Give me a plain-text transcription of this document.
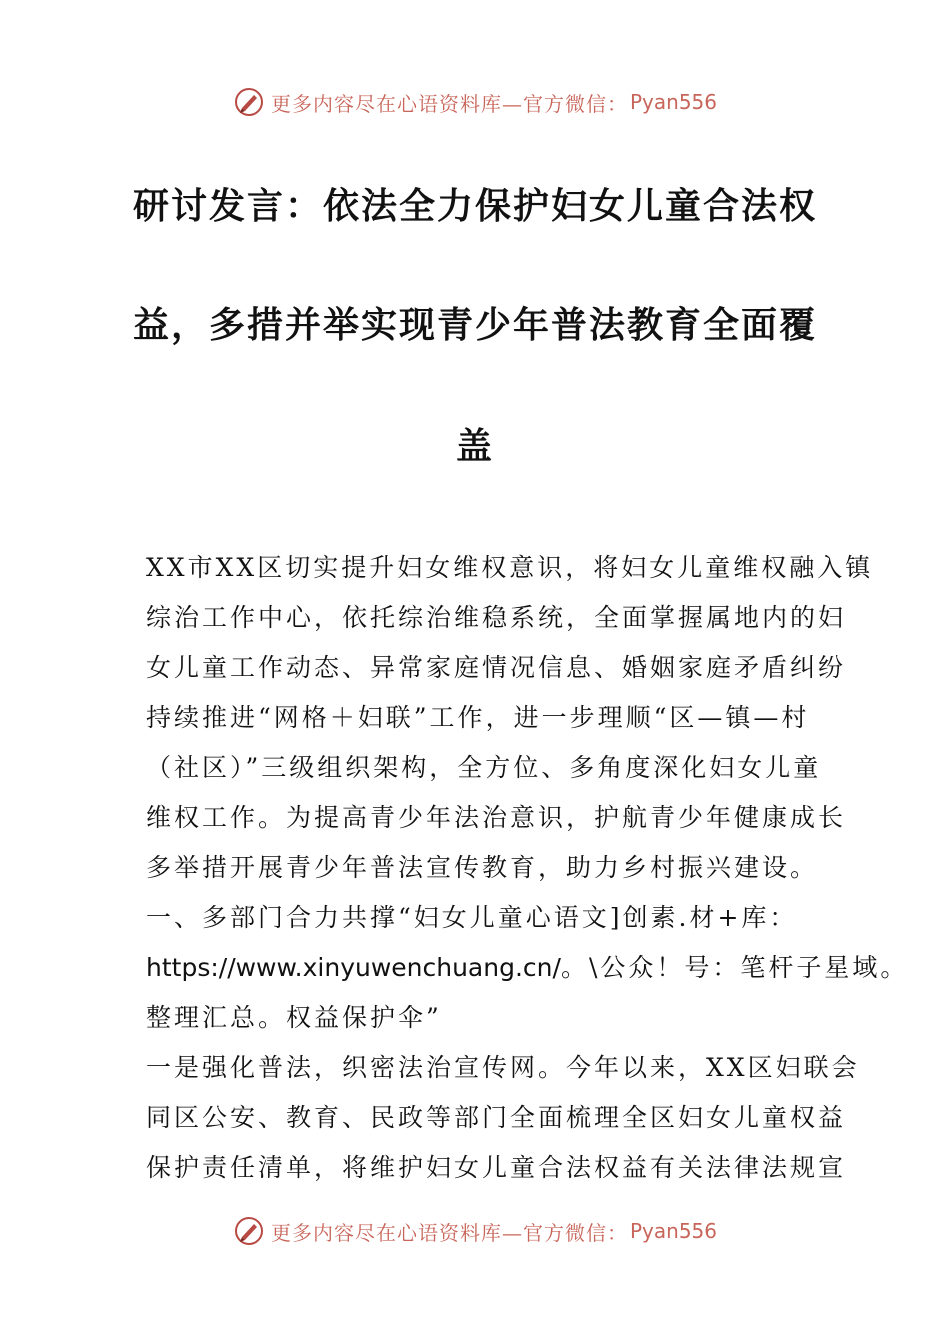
更多内容尽在心语资料库—官方微信： Pyan556
研讨发言：依法全力保护妇女儿童合法权
益，多措并举实现青少年普法教育全面覆
盖
XX市XX区切实提升妇女维权意识，将妇女儿童维权融入镇
综治工作中心，依托综治维稳系统，全面掌握属地内的妇
女儿童工作动态、异常家庭情况信息、婚姻家庭矛盾纠纷
持续推进“网格＋妇联”工作，进一步理顺“区—镇—村
（社区）”三级组织架构，全方位、多角度深化妇女儿童
维权工作。为提高青少年法治意识，护航青少年健康成长
多举措开展青少年普法宣传教育，助力乡村振兴建设。
一、多部门合力共撑“妇女儿童心语文]创素.材+库：
https://www.xinyuwenchuang.cn/。\公众！号：笔杆子星域。
整理汇总。权益保护伞”
一是强化普法，织密法治宣传网。今年以来，XX区妇联会
同区公安、教育、民政等部门全面梳理全区妇女儿童权益
保护责任清单，将维护妇女儿童合法权益有关法律法规宣
更多内容尽在心语资料库—官方微信： Pyan556
